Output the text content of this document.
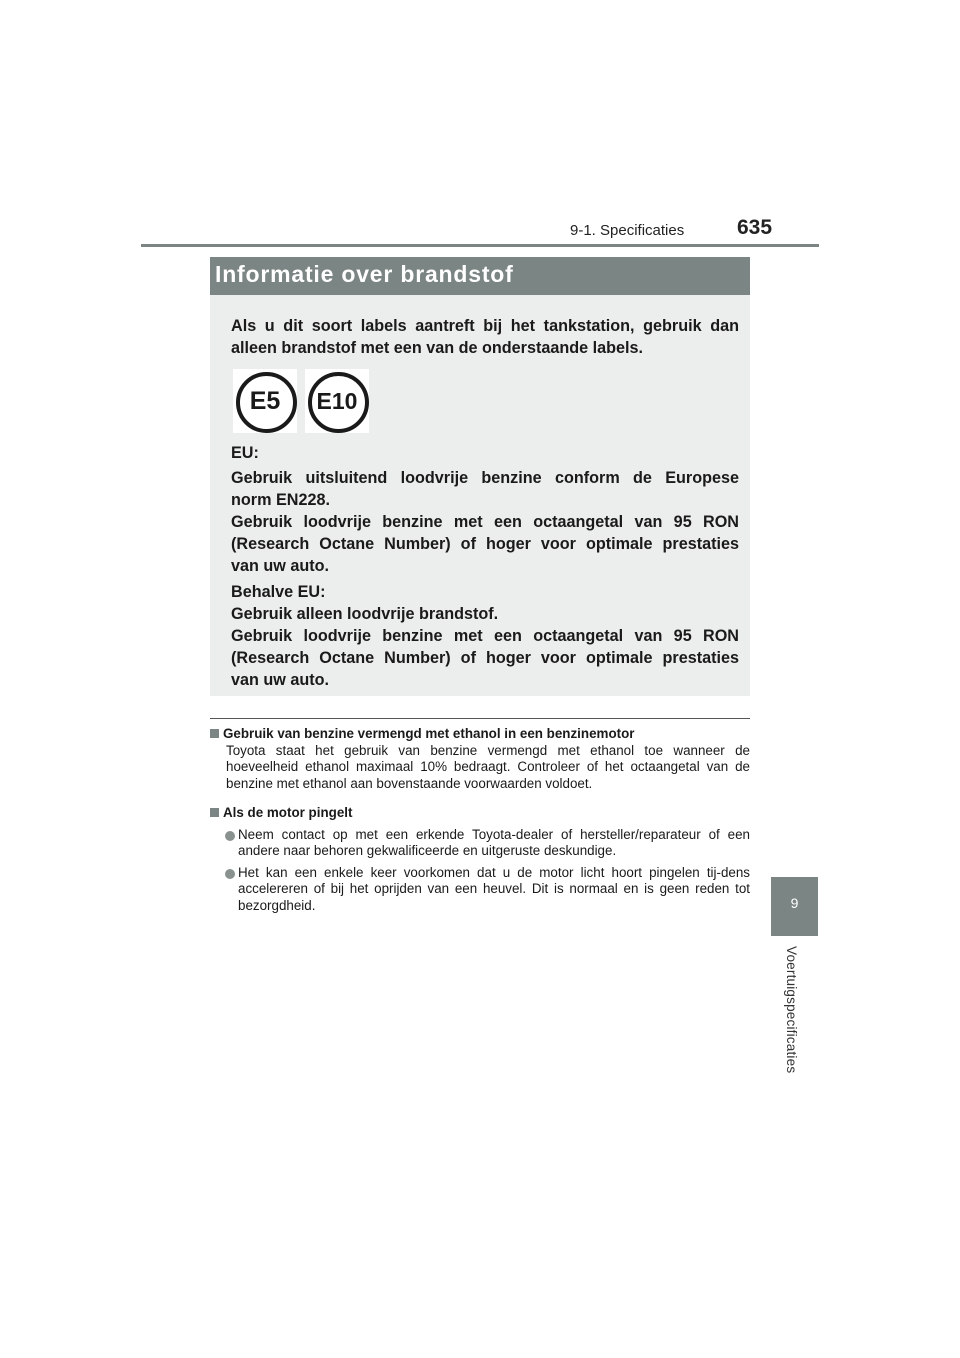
9-1. Specificaties	635
9
Voertuigspecificaties
Informatie over brandstof

Als u dit soort labels aantreft bij het tankstation, gebruik dan
alleen brandstof met een van de onderstaande labels.

E5	E10

EU:

Gebruik uitsluitend loodvrije benzine conform de Europese
norm EN228.
Gebruik loodvrije benzine met een octaangetal van 95 RON
(Research Octane Number) of hoger voor optimale prestaties
van uw auto.

Behalve EU:
Gebruik alleen loodvrije brandstof.
Gebruik loodvrije benzine met een octaangetal van 95 RON
(Research Octane Number) of hoger voor optimale prestaties
van uw auto.

Gebruik van benzine vermengd met ethanol in een benzinemotor
Toyota staat het gebruik van benzine vermengd met ethanol toe wanneer de hoeveelheid ethanol maximaal 10% bedraagt. Controleer of het octaangetal van de benzine met ethanol aan bovenstaande voorwaarden voldoet.
Als de motor pingelt
Neem contact op met een erkende Toyota-dealer of hersteller/reparateur of een andere naar behoren gekwalificeerde en uitgeruste deskundige.
Het kan een enkele keer voorkomen dat u de motor licht hoort pingelen tij-dens accelereren of bij het oprijden van een heuvel. Dit is normaal en is geen reden tot bezorgdheid.
